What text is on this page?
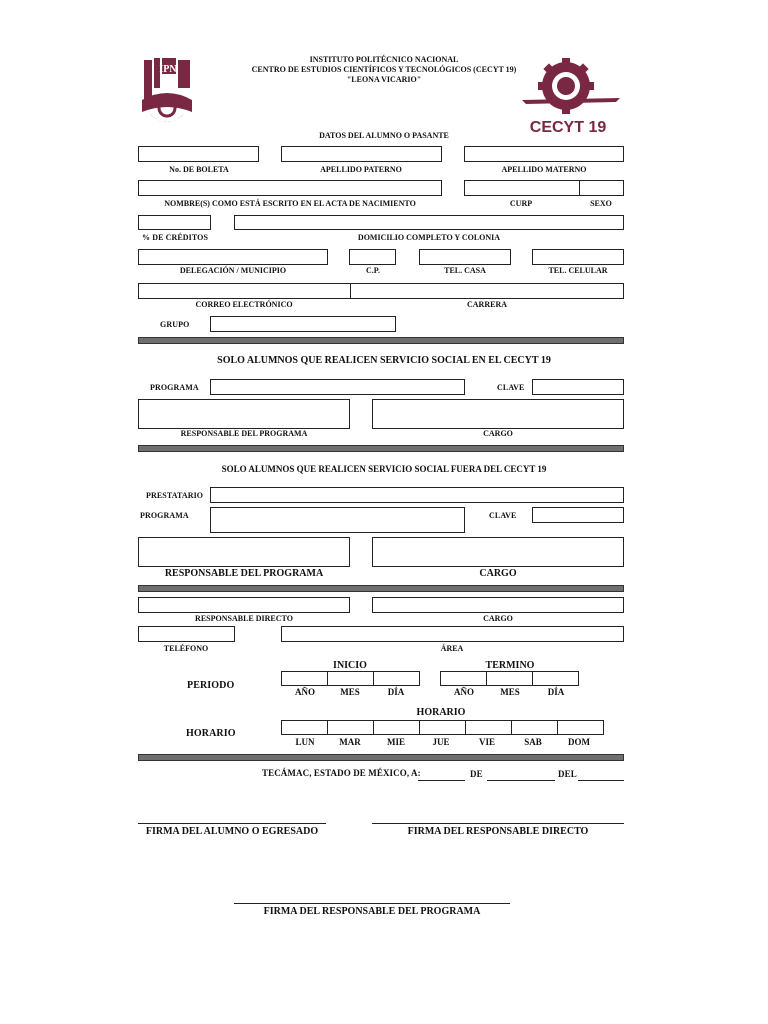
IPN
INSTITUTO POLITÉCNICO NACIONAL
CENTRO DE ESTUDIOS CIENTÍFICOS Y TECNOLÓGICOS (CECYT 19)
"LEONA VICARIO"
CECYT 19
DATOS DEL ALUMNO O PASANTE
No. DE BOLETA	APELLIDO PATERNO	APELLIDO MATERNO
NOMBRE(S) COMO ESTÁ ESCRITO EN EL ACTA DE NACIMIENTO	CURP	SEXO
% DE CRÉDITOS	DOMICILIO COMPLETO Y COLONIA
DELEGACIÓN / MUNICIPIO	C.P.	TEL. CASA	TEL. CELULAR
CORREO ELECTRÓNICO	CARRERA
GRUPO
SOLO ALUMNOS QUE REALICEN SERVICIO SOCIAL EN EL CECYT 19
PROGRAMA	CLAVE
RESPONSABLE DEL PROGRAMA	CARGO
SOLO ALUMNOS QUE REALICEN SERVICIO SOCIAL FUERA DEL CECYT 19
PRESTATARIO
PROGRAMA	CLAVE
RESPONSABLE DEL PROGRAMA	CARGO
RESPONSABLE DIRECTO	CARGO
TELÉFONO	ÁREA
INICIO	TERMINO
PERIODO
AÑO	MES	DÍA	AÑO	MES	DÍA
HORARIO
HORARIO
LUN	MAR	MIE	JUE	VIE	SAB	DOM
TECÁMAC, ESTADO DE MÉXICO, A:	DE	DEL
FIRMA DEL ALUMNO O EGRESADO	FIRMA DEL RESPONSABLE DIRECTO
FIRMA DEL RESPONSABLE DEL PROGRAMA
